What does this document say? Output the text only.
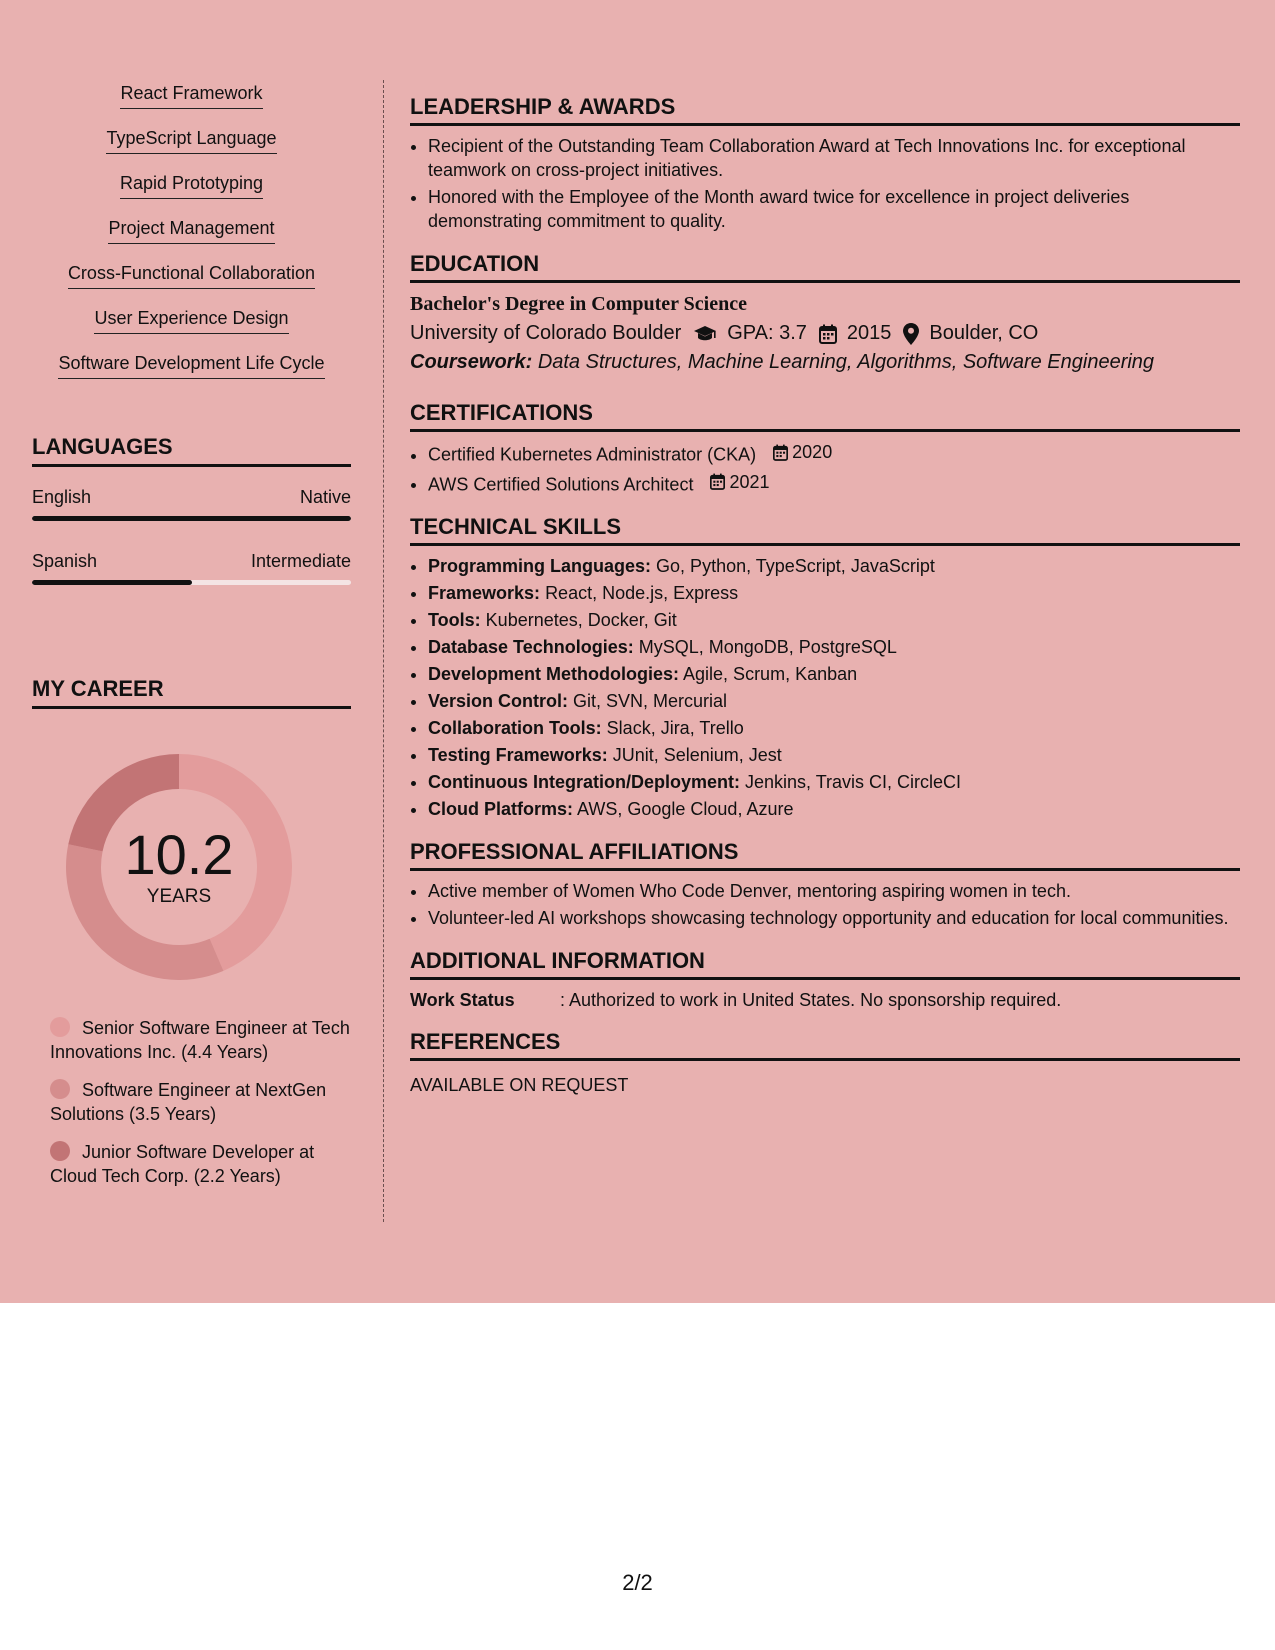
React Framework
TypeScript Language
Rapid Prototyping
Project Management
Cross-Functional Collaboration
User Experience Design
Software Development Life Cycle
LANGUAGES
English	Native
Spanish	Intermediate
MY CAREER
10.2
YEARS
Senior Software Engineer at Tech Innovations Inc. (4.4 Years)
Software Engineer at NextGen Solutions (3.5 Years)
Junior Software Developer at Cloud Tech Corp. (2.2 Years)
LEADERSHIP & AWARDS
• Recipient of the Outstanding Team Collaboration Award at Tech Innovations Inc. for exceptional teamwork on cross-project initiatives.
• Honored with the Employee of the Month award twice for excellence in project deliveries demonstrating commitment to quality.
EDUCATION
Bachelor's Degree in Computer Science
University of Colorado Boulder GPA: 3.7 2015 Boulder, CO
Coursework: Data Structures, Machine Learning, Algorithms, Software Engineering
CERTIFICATIONS
• Certified Kubernetes Administrator (CKA) 2020
• AWS Certified Solutions Architect 2021
TECHNICAL SKILLS
• Programming Languages: Go, Python, TypeScript, JavaScript
• Frameworks: React, Node.js, Express
• Tools: Kubernetes, Docker, Git
• Database Technologies: MySQL, MongoDB, PostgreSQL
• Development Methodologies: Agile, Scrum, Kanban
• Version Control: Git, SVN, Mercurial
• Collaboration Tools: Slack, Jira, Trello
• Testing Frameworks: JUnit, Selenium, Jest
• Continuous Integration/Deployment: Jenkins, Travis CI, CircleCI
• Cloud Platforms: AWS, Google Cloud, Azure
PROFESSIONAL AFFILIATIONS
• Active member of Women Who Code Denver, mentoring aspiring women in tech.
• Volunteer-led AI workshops showcasing technology opportunity and education for local communities.
ADDITIONAL INFORMATION
Work Status	: Authorized to work in United States. No sponsorship required.
REFERENCES
AVAILABLE ON REQUEST
2/2
